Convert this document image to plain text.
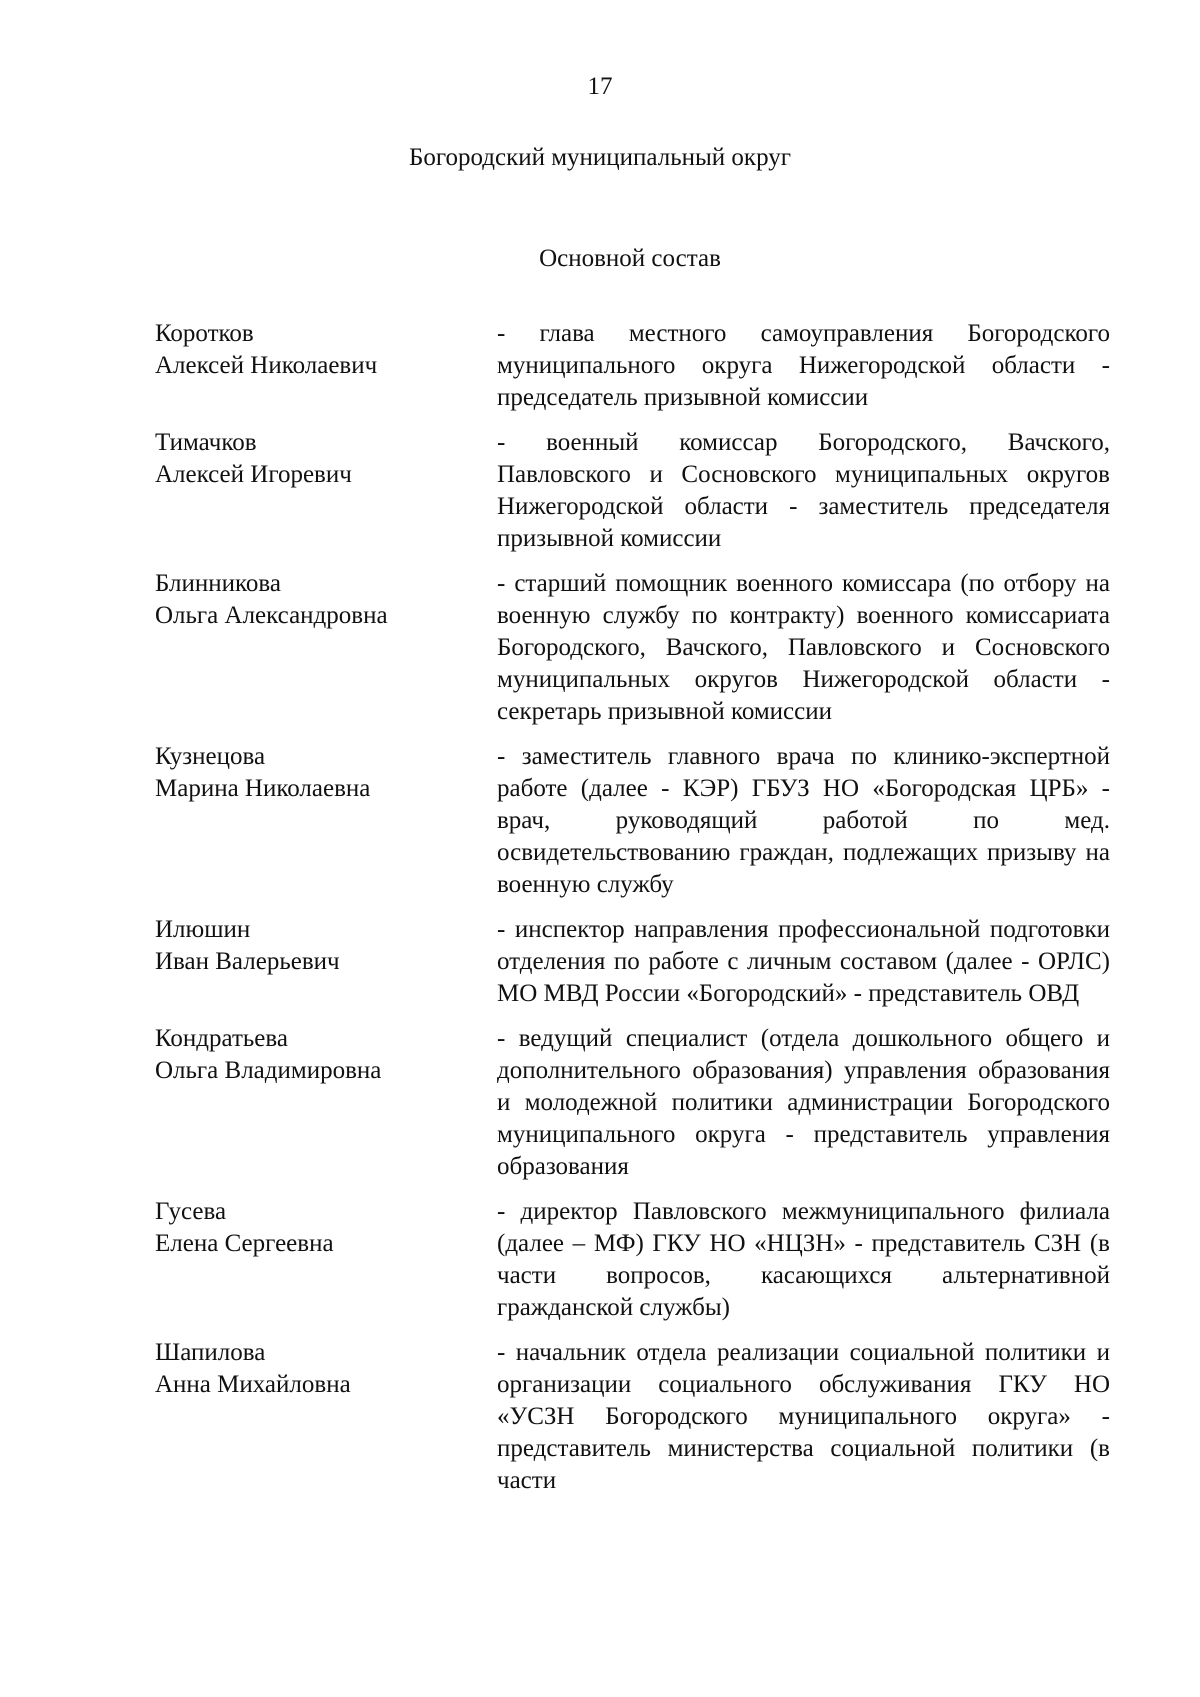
17
Богородский муниципальный округ
Основной состав
Коротков
Алексей Николаевич
- глава местного самоуправления Богородского муниципального округа Нижегородской области - председатель призывной комиссии
Тимачков
Алексей Игоревич
- военный комиссар Богородского, Вачского, Павловского и Сосновского муниципальных округов Нижегородской области - заместитель председателя призывной комиссии
Блинникова
Ольга Александровна
- старший помощник военного комиссара (по отбору на военную службу по контракту) военного комиссариата Богородского, Вачского, Павловского и Сосновского муниципальных округов Нижегородской области - секретарь призывной комиссии
Кузнецова
Марина Николаевна
- заместитель главного врача по клинико-экспертной работе (далее - КЭР) ГБУЗ НО «Богородская ЦРБ» - врач, руководящий работой по мед. освидетельствованию граждан, подлежащих призыву на военную службу
Илюшин
Иван Валерьевич
- инспектор направления профессиональной подготовки отделения по работе с личным составом (далее - ОРЛС) МО МВД России «Богородский» - представитель ОВД
Кондратьева
Ольга Владимировна
- ведущий специалист (отдела дошкольного общего и дополнительного образования) управления образования и молодежной политики администрации Богородского муниципального округа - представитель управления образования
Гусева
Елена Сергеевна
- директор Павловского межмуниципального филиала (далее – МФ) ГКУ НО «НЦЗН» - представитель СЗН (в части вопросов, касающихся альтернативной гражданской службы)
Шапилова
Анна Михайловна
- начальник отдела реализации социальной политики и организации социального обслуживания ГКУ НО «УСЗН Богородского муниципального округа» - представитель министерства социальной политики (в части
